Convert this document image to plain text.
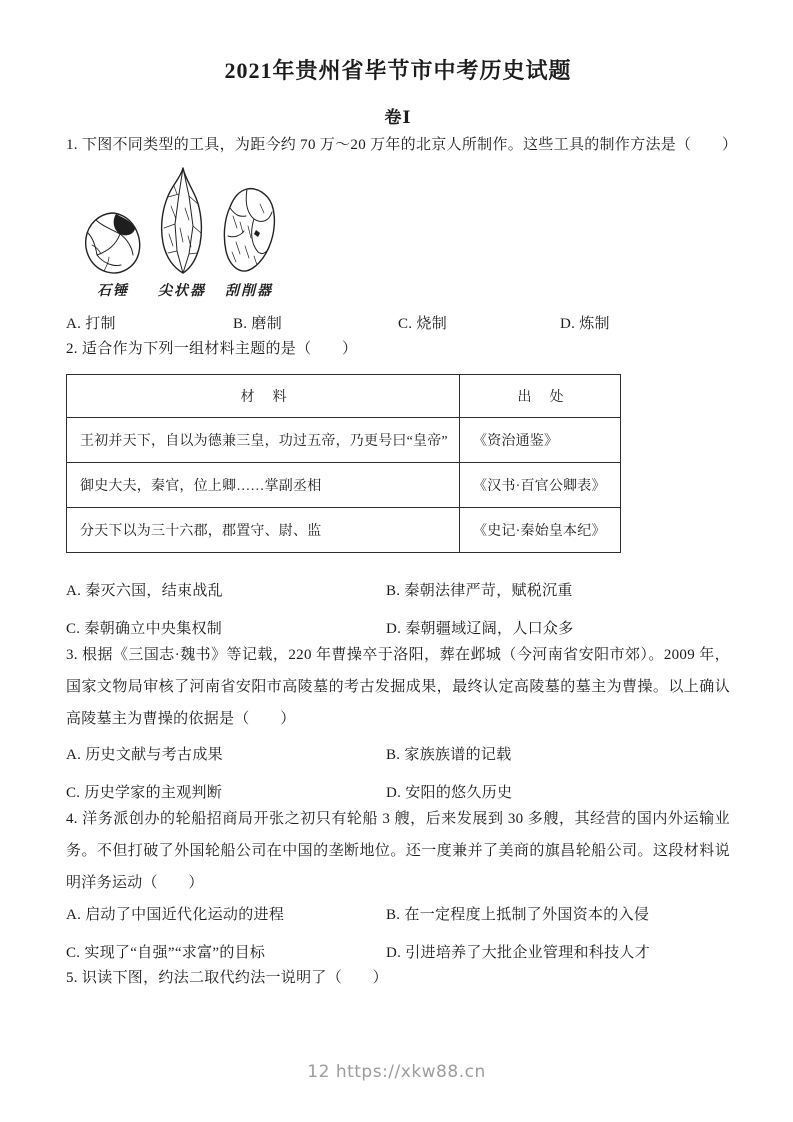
2021年贵州省毕节市中考历史试题
卷Ⅰ

1. 下图不同类型的工具，为距今约 70 万～20 万年的北京人所制作。这些工具的制作方法是（　　）

石锤 尖状器 刮削器
A. 打制	B. 磨制	C. 烧制	D. 炼制

2. 适合作为下列一组材料主题的是（　　）

材　料	出　处
王初并天下，自以为德兼三皇，功过五帝，乃更号曰“皇帝”	《资治通鉴》
御史大夫，秦官，位上卿……掌副丞相	《汉书·百官公卿表》
分天下以为三十六郡，郡置守、尉、监	《史记·秦始皇本纪》
A. 秦灭六国，结束战乱	B. 秦朝法律严苛，赋税沉重
C. 秦朝确立中央集权制	D. 秦朝疆域辽阔，人口众多

3. 根据《三国志·魏书》等记载，220 年曹操卒于洛阳，葬在邺城（今河南省安阳市郊）。2009 年，国家文物局审核了河南省安阳市高陵墓的考古发掘成果，最终认定高陵墓的墓主为曹操。以上确认高陵墓主为曹操的依据是（　　）

A. 历史文献与考古成果	B. 家族族谱的记载
C. 历史学家的主观判断	D. 安阳的悠久历史

4. 洋务派创办的轮船招商局开张之初只有轮船 3 艘，后来发展到 30 多艘，其经营的国内外运输业务。不但打破了外国轮船公司在中国的垄断地位。还一度兼并了美商的旗昌轮船公司。这段材料说明洋务运动（　　）

A. 启动了中国近代化运动的进程	B. 在一定程度上抵制了外国资本的入侵
C. 实现了“自强”“求富”的目标	D. 引进培养了大批企业管理和科技人才

5. 识读下图，约法二取代约法一说明了（　　）

12 https://xkw88.cn
